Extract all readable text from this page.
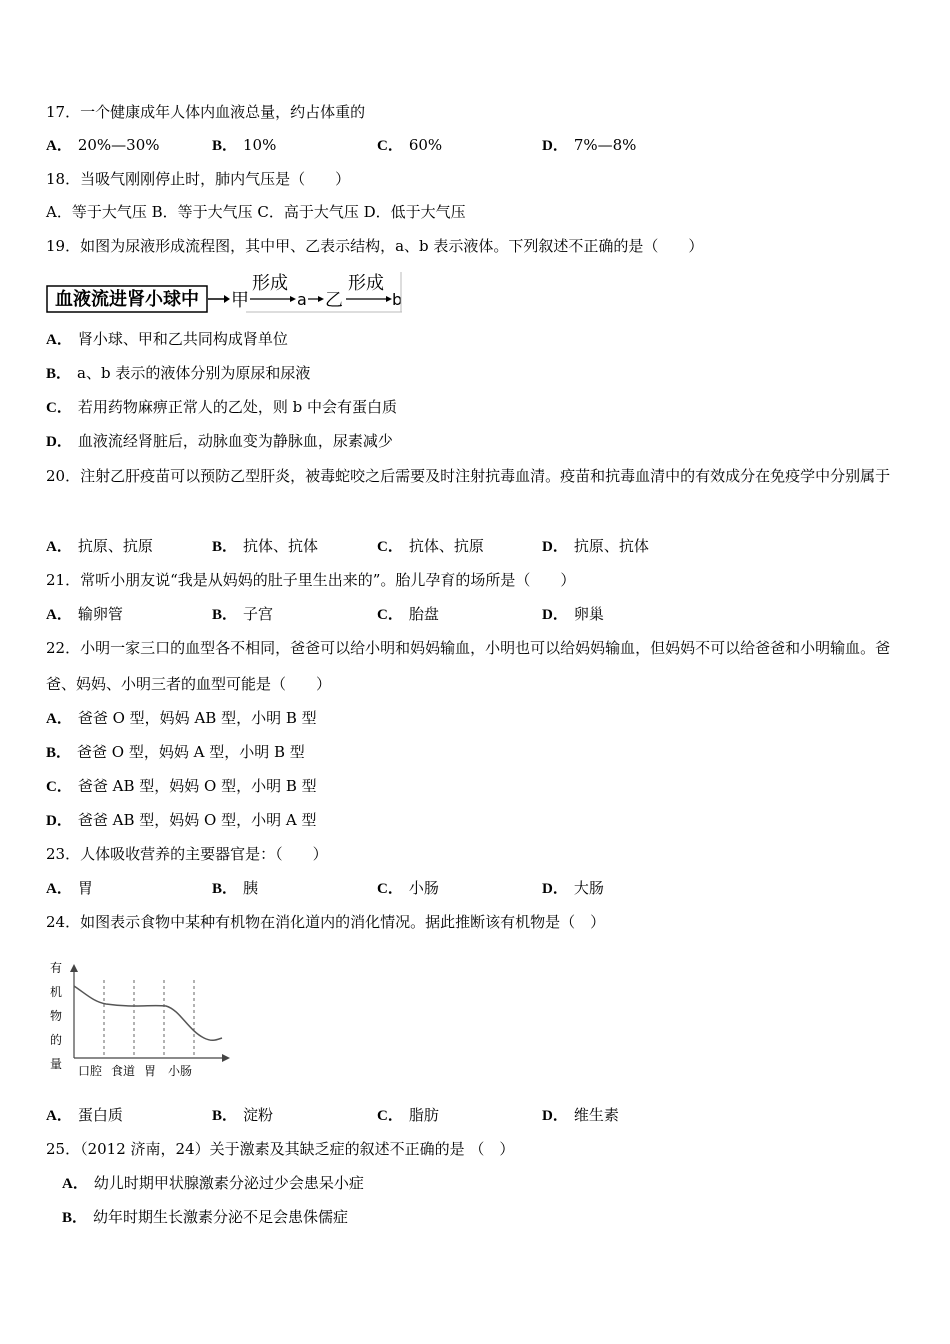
17．一个健康成年人体内血液总量，约占体重的
A． 20%—30%	B． 10%	C． 60%	D． 7%—8%
18．当吸气刚刚停止时，肺内气压是（　　）
A．等于大气压 B．等于大气压 C．高于大气压 D．低于大气压
19．如图为尿液形成流程图，其中甲、乙表示结构，a、b 表示液体。下列叙述不正确的是（　　）
血液流进肾小球中 甲
形成
a 乙
形成
b
A． 肾小球、甲和乙共同构成肾单位
B． a、b 表示的液体分别为原尿和尿液
C． 若用药物麻痹正常人的乙处，则 b 中会有蛋白质
D． 血液流经肾脏后，动脉血变为静脉血，尿素减少
20．注射乙肝疫苗可以预防乙型肝炎，被毒蛇咬之后需要及时注射抗毒血清。疫苗和抗毒血清中的有效成分在免疫学中分别属于
A． 抗原、抗原	B． 抗体、抗体	C． 抗体、抗原	D． 抗原、抗体
21．常听小朋友说“我是从妈妈的肚子里生出来的”。胎儿孕育的场所是（　　）
A． 输卵管	B． 子宫	C． 胎盘	D． 卵巢
22．小明一家三口的血型各不相同，爸爸可以给小明和妈妈输血，小明也可以给妈妈输血，但妈妈不可以给爸爸和小明输血。爸爸、妈妈、小明三者的血型可能是（　　）
A． 爸爸 O 型，妈妈 AB 型，小明 B 型
B． 爸爸 O 型，妈妈 A 型，小明 B 型
C． 爸爸 AB 型，妈妈 O 型，小明 B 型
D． 爸爸 AB 型，妈妈 O 型，小明 A 型
23．人体吸收营养的主要器官是：（　　）
A． 胃	B． 胰	C． 小肠	D． 大肠
24．如图表示食物中某种有机物在消化道内的消化情况。据此推断该有机物是（　）
有
机
物
的
量 口腔 食道 胃 小肠
A． 蛋白质	B． 淀粉	C． 脂肪	D． 维生素
25．（2012 济南，24）关于激素及其缺乏症的叙述不正确的是 （　）
A． 幼儿时期甲状腺激素分泌过少会患呆小症
B． 幼年时期生长激素分泌不足会患侏儒症
